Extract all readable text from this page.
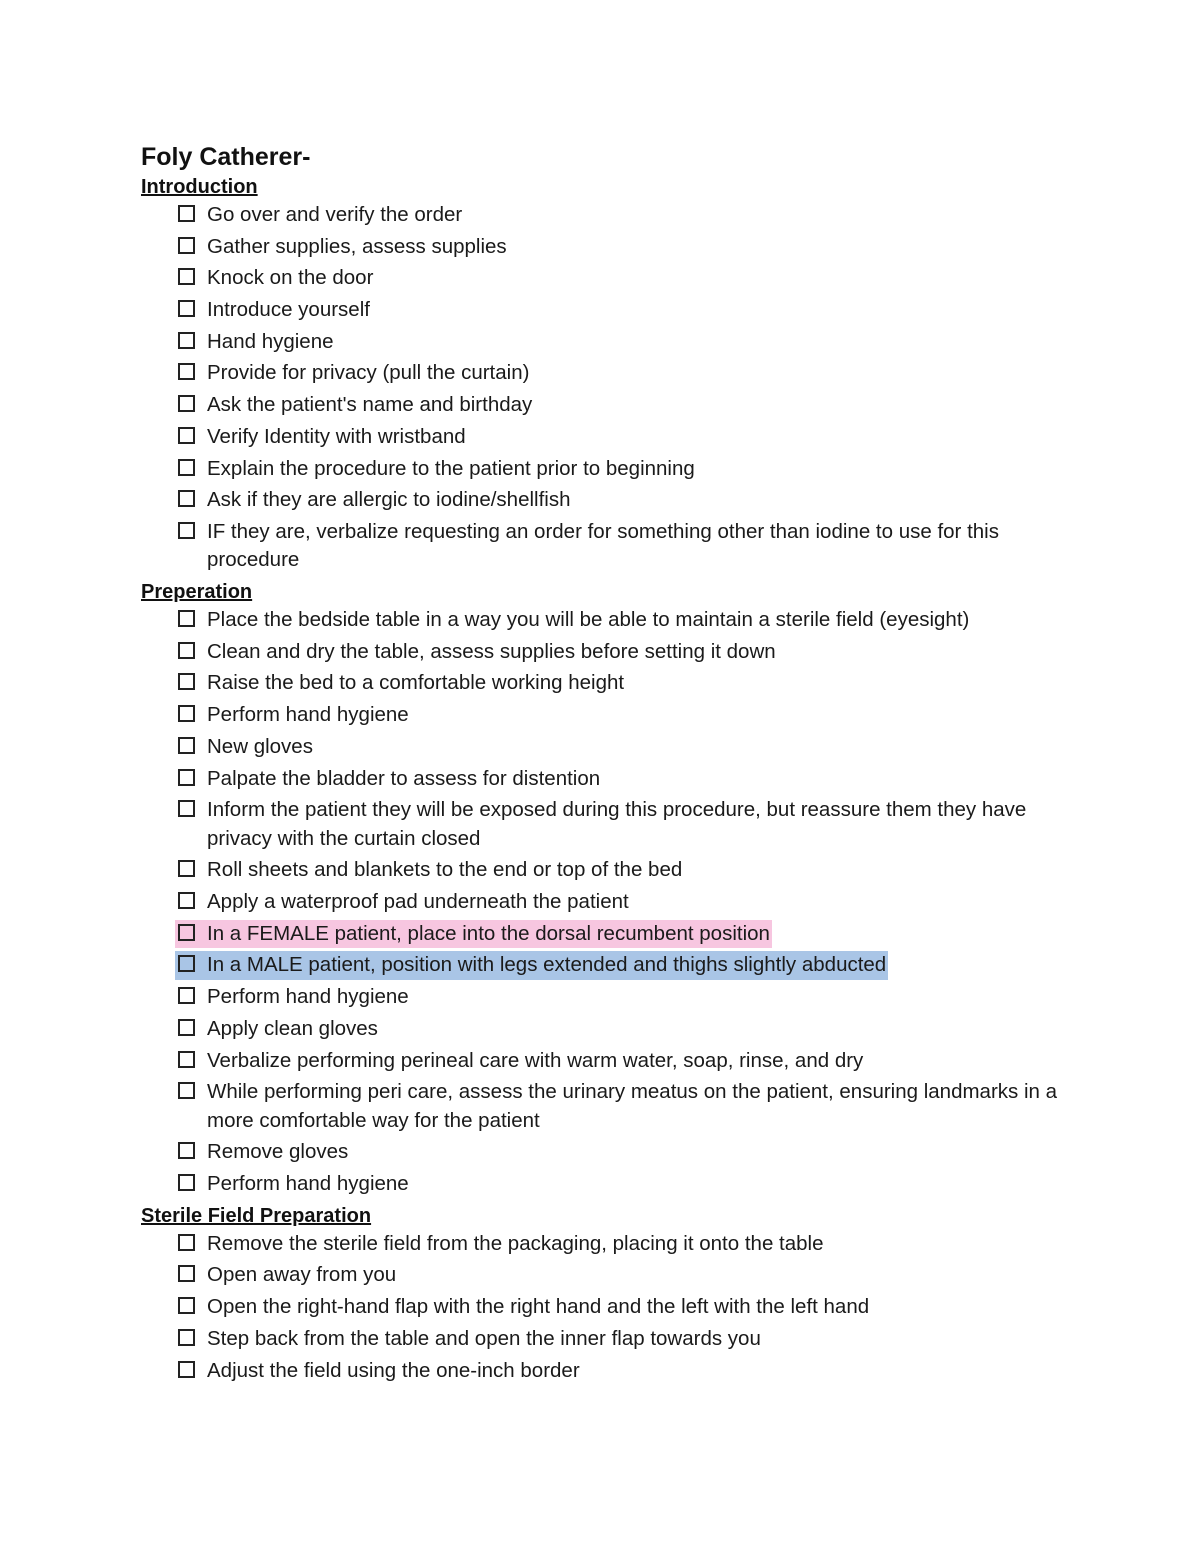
Foly Catherer-
Introduction
Go over and verify the order
Gather supplies, assess supplies
Knock on the door
Introduce yourself
Hand hygiene
Provide for privacy (pull the curtain)
Ask the patient's name and birthday
Verify Identity with wristband
Explain the procedure to the patient prior to beginning
Ask if they are allergic to iodine/shellfish
IF they are, verbalize requesting an order for something other than iodine to use for this procedure
Preperation
Place the bedside table in a way you will be able to maintain a sterile field (eyesight)
Clean and dry the table, assess supplies before setting it down
Raise the bed to a comfortable working height
Perform hand hygiene
New gloves
Palpate the bladder to assess for distention
Inform the patient they will be exposed during this procedure, but reassure them they have privacy with the curtain closed
Roll sheets and blankets to the end or top of the bed
Apply a waterproof pad underneath the patient
In a FEMALE patient, place into the dorsal recumbent position
In a MALE patient, position with legs extended and thighs slightly abducted
Perform hand hygiene
Apply clean gloves
Verbalize performing perineal care with warm water, soap, rinse, and dry
While performing peri care, assess the urinary meatus on the patient, ensuring landmarks in a more comfortable way for the patient
Remove gloves
Perform hand hygiene
Sterile Field Preparation
Remove the sterile field from the packaging, placing it onto the table
Open away from you
Open the right-hand flap with the right hand and the left with the left hand
Step back from the table and open the inner flap towards you
Adjust the field using the one-inch border
